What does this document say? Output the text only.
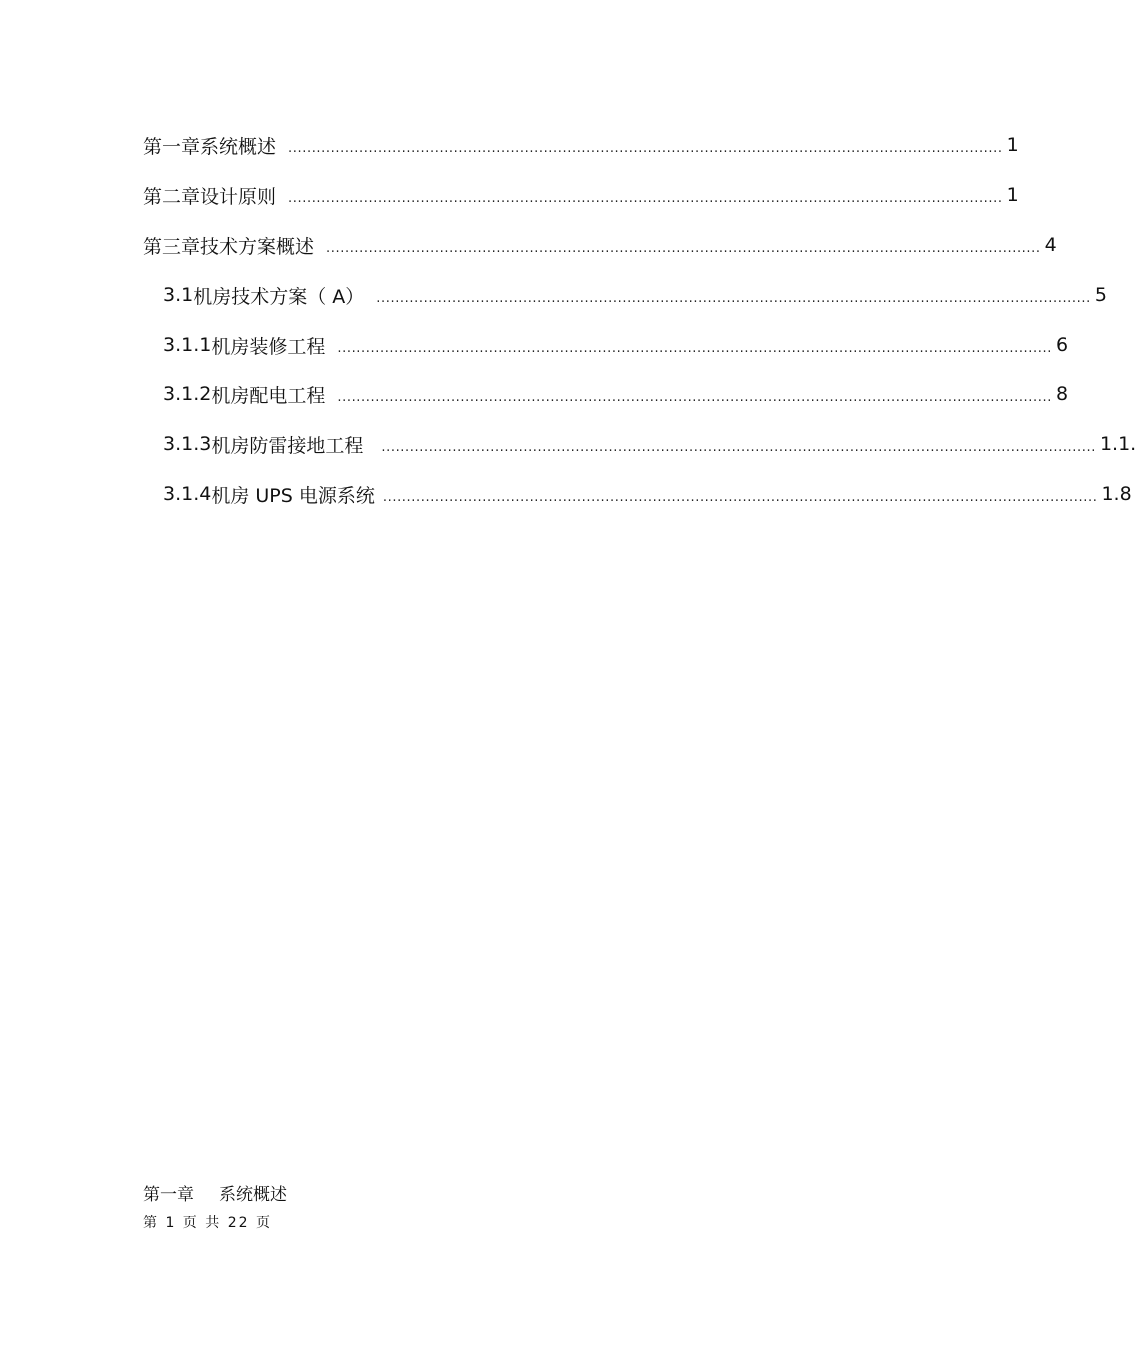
第一章 系统概述 ....................................................................................................................................................... 1
第二章 设计原则 ....................................................................................................................................................... 1
第三章 技术方案概述 ....................................................................................................................................................... 4
3.1 机房技术方案（ A） ....................................................................................................................................................... 5
3.1.1 机房装修工程 ....................................................................................................................................................... 6
3.1.2 机房配电工程 ....................................................................................................................................................... 8
3.1.3 机房防雷接地工程 ....................................................................................................................................................... 1.1.
3.1.4 机房 UPS 电源系统 ....................................................................................................................................................... 1.8
第一章 系统概述
第 1 页 共 22 页
